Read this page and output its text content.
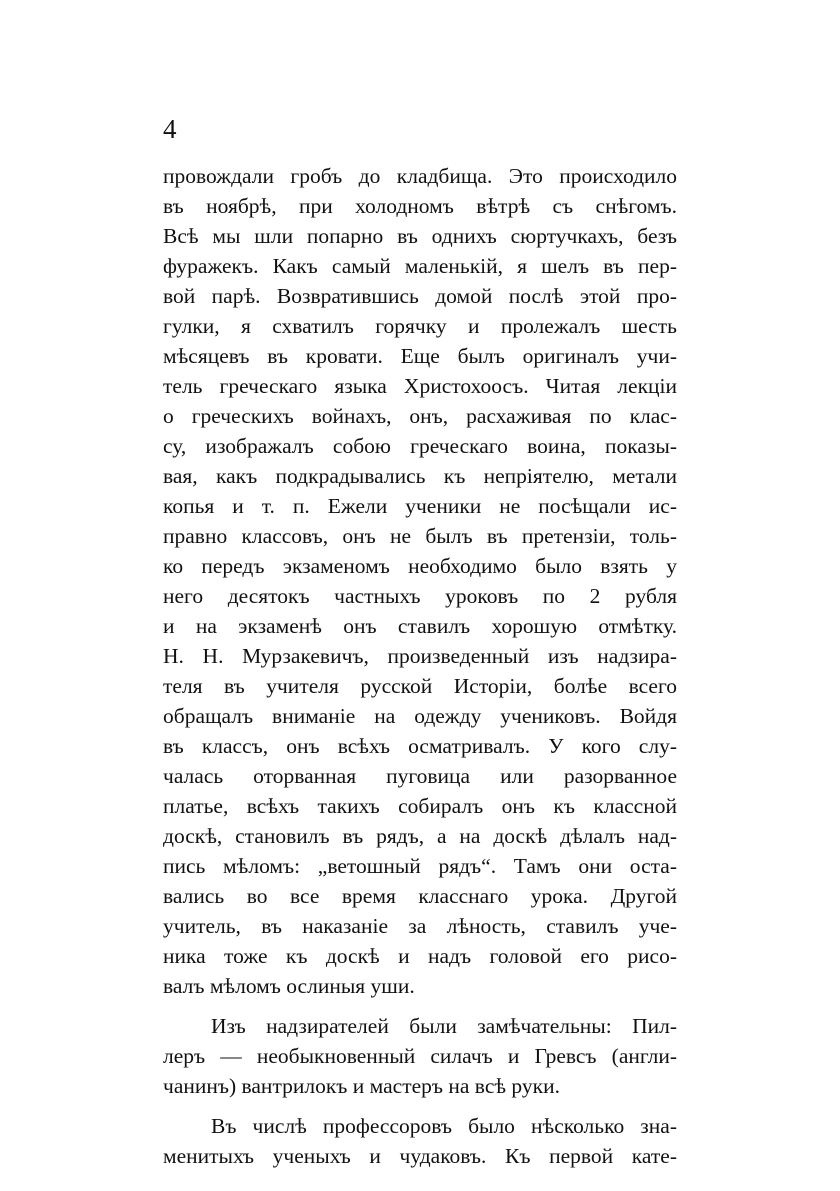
4
провождали гробъ до кладбища. Это происходило
въ ноябрѣ, при холодномъ вѣтрѣ съ снѣгомъ.
Всѣ мы шли попарно въ однихъ сюртучкахъ, безъ
фуражекъ. Какъ самый маленькій, я шелъ въ пер-
вой парѣ. Возвратившись домой послѣ этой про-
гулки, я схватилъ горячку и пролежалъ шесть
мѣсяцевъ въ кровати. Еще былъ оригиналъ учи-
тель греческаго языка Христохоосъ. Читая лекціи
о греческихъ войнахъ, онъ, расхаживая по клас-
су, изображалъ собою греческаго воина, показы-
вая, какъ подкрадывались къ непріятелю, метали
копья и т. п. Ежели ученики не посѣщали ис-
правно классовъ, онъ не былъ въ претензіи, толь-
ко передъ экзаменомъ необходимо было взять у
него десятокъ частныхъ уроковъ по 2 рубля
и на экзаменѣ онъ ставилъ хорошую отмѣтку.
Н. Н. Мурзакевичъ, произведенный изъ надзира-
теля въ учителя русской Исторіи, болѣе всего
обращалъ вниманіе на одежду учениковъ. Войдя
въ классъ, онъ всѣхъ осматривалъ. У кого слу-
чалась оторванная пуговица или разорванное
платье, всѣхъ такихъ собиралъ онъ къ классной
доскѣ, становилъ въ рядъ, а на доскѣ дѣлалъ над-
пись мѣломъ: „ветошный рядъ“. Тамъ они оста-
вались во все время класснаго урока. Другой
учитель, въ наказаніе за лѣность, ставилъ уче-
ника тоже къ доскѣ и надъ головой его рисо-
валъ мѣломъ ослиныя уши.
Изъ надзирателей были замѣчательны: Пил-
леръ — необыкновенный силачъ и Гревсъ (англи-
чанинъ) вантрилокъ и мастеръ на всѣ руки.
Въ числѣ профессоровъ было нѣсколько зна-
менитыхъ ученыхъ и чудаковъ. Къ первой кате-
